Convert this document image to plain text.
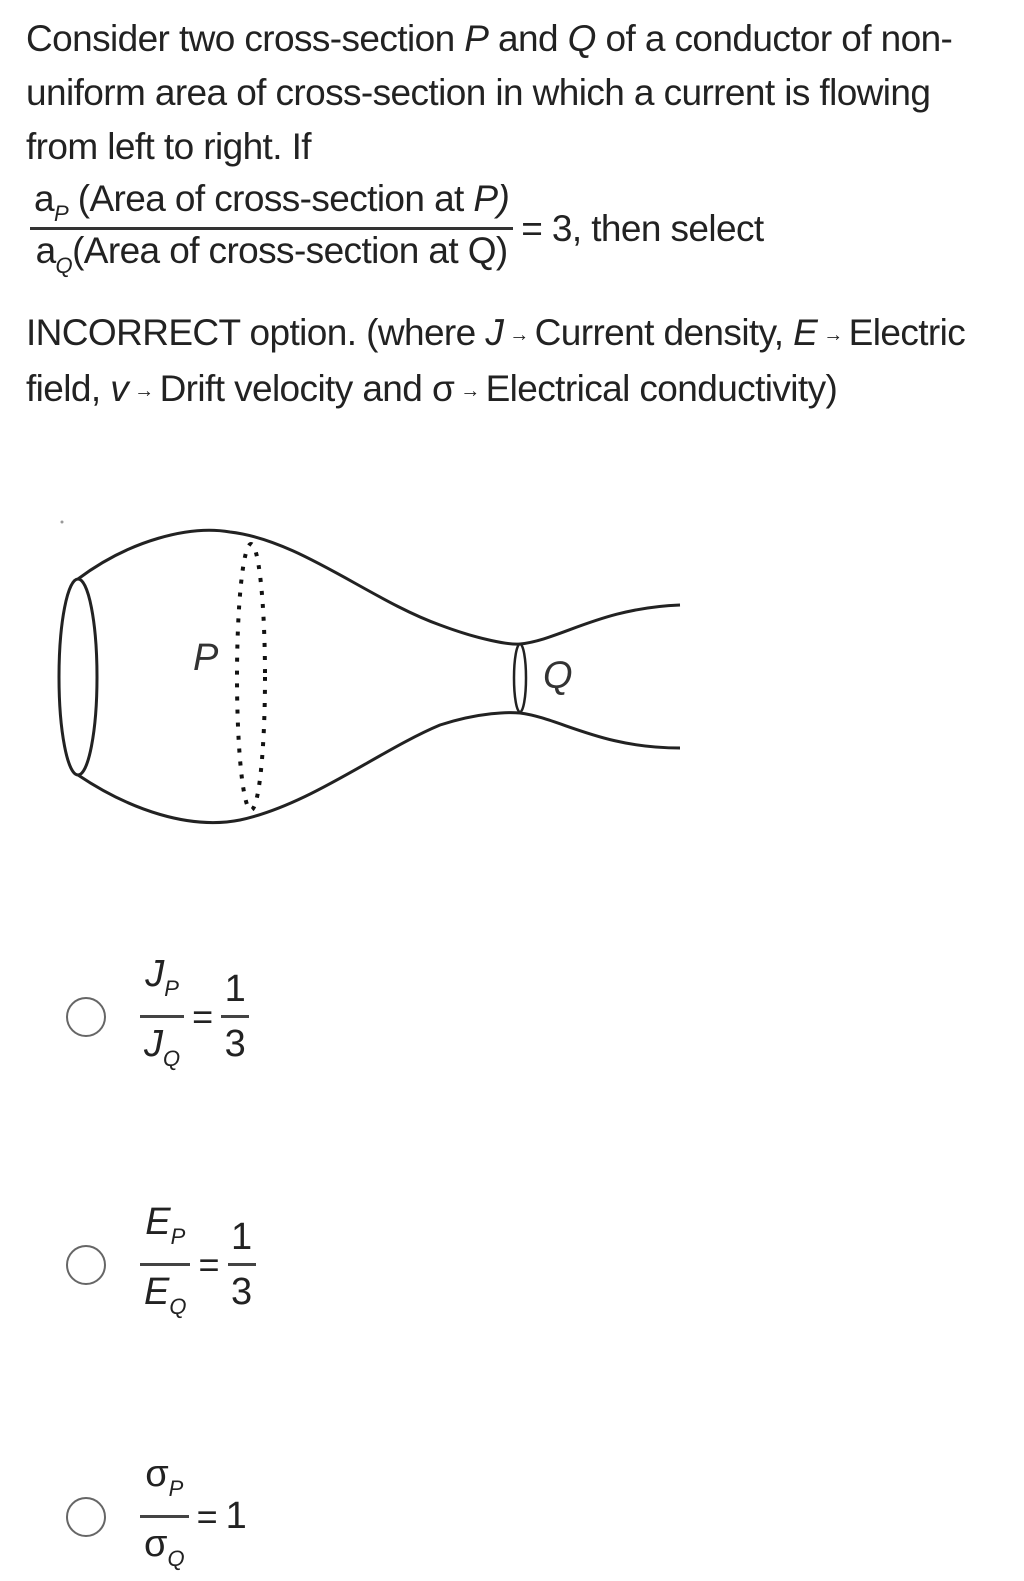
Consider two cross-section P and Q of a conductor of non-uniform area of cross-section in which a current is flowing from left to right. If
$\frac{a_P (Area of cross-section at P)}{a_Q(Area of cross-section at Q)} = 3$, then select
INCORRECT option. (where J → Current density, E → Electric field, v → Drift velocity and σ → Electrical conductivity)
P	Q
$J_P$
$J_Q$
=
1
3
$E_P$
$E_Q$
=
1
3
$\sigma_P$
$\sigma_Q$
= 1
